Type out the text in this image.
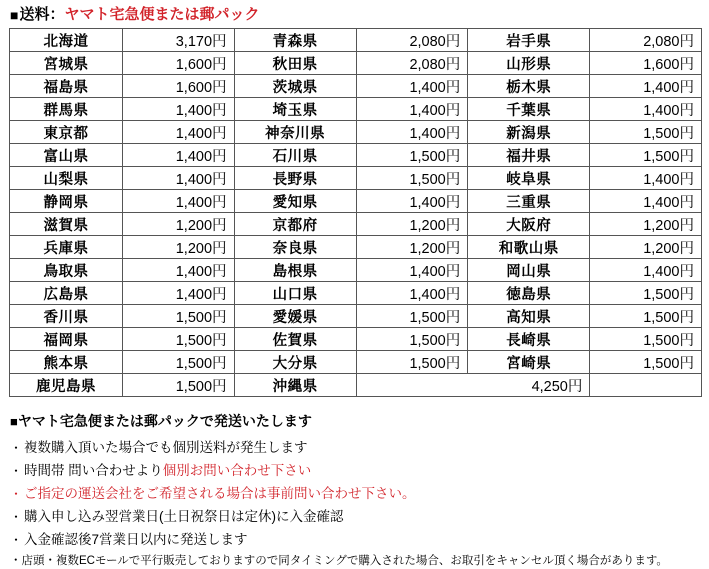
■ 送料 ： ヤマト宅急便または郵パック
北海道	3,170円	青森県	2,080円	岩手県	2,080円
宮城県	1,600円	秋田県	2,080円	山形県	1,600円
福島県	1,600円	茨城県	1,400円	栃木県	1,400円
群馬県	1,400円	埼玉県	1,400円	千葉県	1,400円
東京都	1,400円	神奈川県	1,400円	新潟県	1,500円
富山県	1,400円	石川県	1,500円	福井県	1,500円
山梨県	1,400円	長野県	1,500円	岐阜県	1,400円
静岡県	1,400円	愛知県	1,400円	三重県	1,400円
滋賀県	1,200円	京都府	1,200円	大阪府	1,200円
兵庫県	1,200円	奈良県	1,200円	和歌山県	1,200円
鳥取県	1,400円	島根県	1,400円	岡山県	1,400円
広島県	1,400円	山口県	1,400円	徳島県	1,500円
香川県	1,500円	愛媛県	1,500円	高知県	1,500円
福岡県	1,500円	佐賀県	1,500円	長崎県	1,500円
熊本県	1,500円	大分県	1,500円	宮崎県	1,500円
鹿児島県	1,500円	沖縄県	4,250円		
■ヤマト宅急便または郵パックで発送いたします
・ 複数購入頂いた場合でも個別送料が発生します
・ 時間帯 問い合わせより個別お問い合わせ下さい
・ ご指定の運送会社をご希望される場合は事前問い合わせ下さい。
・ 購入申し込み翌営業日(土日祝祭日は定休)に入金確認
・ 入金確認後7営業日以内に発送します
・店頭・複数ECモールで平行販売しておりますので同タイミングで購入された場合、お取引をキャンセル頂く場合があります。
